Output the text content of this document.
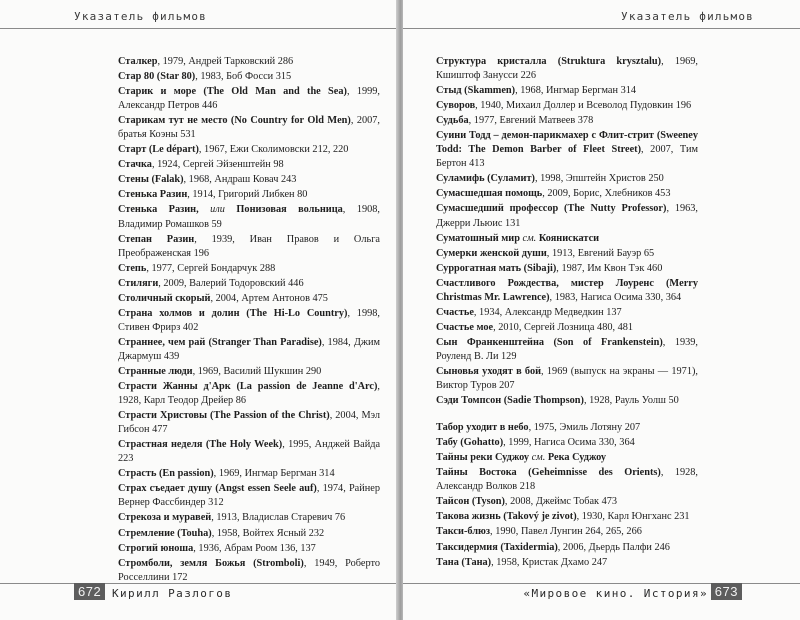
Указатель фильмов
Сталкер, 1979, Андрей Тарковский 286
Стар 80 (Star 80), 1983, Боб Фосси 315
Старик и море (The Old Man and the Sea), 1999, Александр Петров 446
Старикам тут не место (No Country for Old Men), 2007, братья Коэны 531
Старт (Le départ), 1967, Ежи Сколимовски 212, 220
Стачка, 1924, Сергей Эйзенштейн 98
Стены (Falak), 1968, Андраш Ковач 243
Стенька Разин, 1914, Григорий Либкен 80
Стенька Разин, или Понизовая вольница, 1908, Владимир Ромашков 59
Степан Разин, 1939, Иван Правов и Ольга Преображенская 196
Степь, 1977, Сергей Бондарчук 288
Стиляги, 2009, Валерий Тодоровский 446
Столичный скорый, 2004, Артем Антонов 475
Страна холмов и долин (The Hi-Lo Country), 1998, Стивен Фрирз 402
Страннее, чем рай (Stranger Than Paradise), 1984, Джим Джармуш 439
Странные люди, 1969, Василий Шукшин 290
Страсти Жанны д'Арк (La passion de Jeanne d'Arc), 1928, Карл Теодор Дрейер 86
Страсти Христовы (The Passion of the Christ), 2004, Мэл Гибсон 477
Страстная неделя (The Holy Week), 1995, Анджей Вайда 223
Страсть (En passion), 1969, Ингмар Бергман 314
Страх съедает душу (Angst essen Seele auf), 1974, Райнер Вернер Фассбиндер 312
Стрекоза и муравей, 1913, Владислав Старевич 76
Стремление (Touha), 1958, Войтех Ясный 232
Строгий юноша, 1936, Абрам Роом 136, 137
Стромболи, земля Божья (Stromboli), 1949, Роберто Росселлини 172
672 Кирилл Разлогов
Указатель фильмов
Структура кристалла (Struktura krysztalu), 1969, Кшиштоф Занусси 226
Стыд (Skammen), 1968, Ингмар Бергман 314
Суворов, 1940, Михаил Доллер и Всеволод Пудовкин 196
Судьба, 1977, Евгений Матвеев 378
Суини Тодд – демон-парикмахер с Флит-стрит (Sweeney Todd: The Demon Barber of Fleet Street), 2007, Тим Бертон 413
Суламифь (Суламит), 1998, Эпштейн Христов 250
Сумасшедшая помощь, 2009, Борис, Хлебников 453
Сумасшедший профессор (The Nutty Professor), 1963, Джерри Льюис 131
Суматошный мир см. Коянискатси
Сумерки женской души, 1913, Евгений Бауэр 65
Суррогатная мать (Sibaji), 1987, Им Квон Тэк 460
Счастливого Рождества, мистер Лоуренс (Merry Christmas Mr. Lawrence), 1983, Нагиса Осима 330, 364
Счастье, 1934, Александр Медведкин 137
Счастье мое, 2010, Сергей Лозница 480, 481
Сын Франкенштейна (Son of Frankenstein), 1939, Роуленд В. Ли 129
Сыновья уходят в бой, 1969 (выпуск на экраны — 1971), Виктор Туров 207
Сэди Томпсон (Sadie Thompson), 1928, Рауль Уолш 50
Табор уходит в небо, 1975, Эмиль Лотяну 207
Табу (Gohatto), 1999, Нагиса Осима 330, 364
Тайны реки Суджоу см. Река Суджоу
Тайны Востока (Geheimnisse des Orients), 1928, Александр Волков 218
Тайсон (Tyson), 2008, Джеймс Тобак 473
Такова жизнь (Takový je zivot), 1930, Карл Юнгханс 231
Такси-блюз, 1990, Павел Лунгин 264, 265, 266
Таксидермия (Taxidermia), 2006, Дьердь Палфи 246
Тана (Тана), 1958, Кристак Дхамо 247
«Мировое кино. История» 673
